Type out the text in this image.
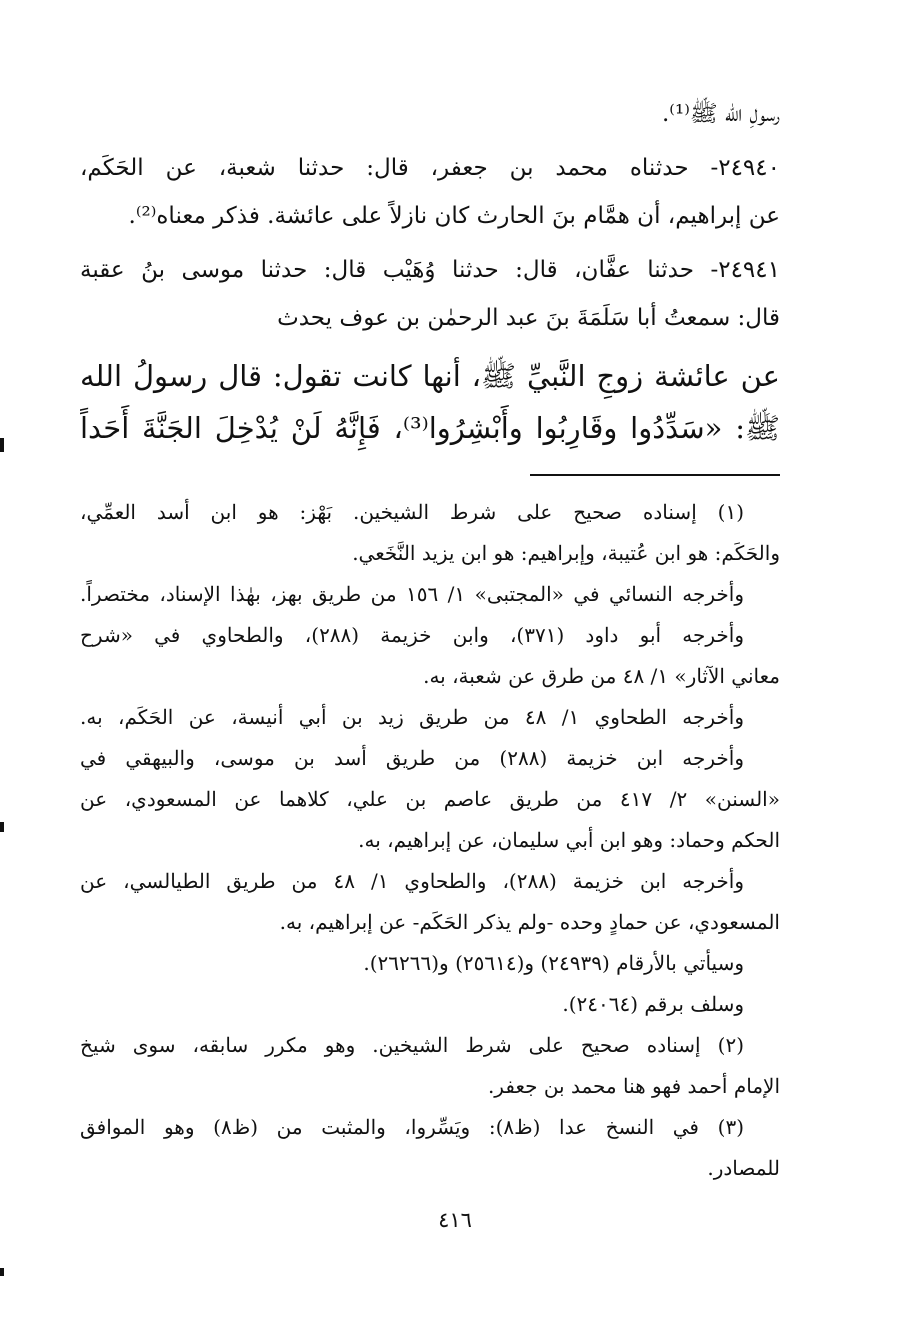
رسولِ الله ﷺ⁽¹⁾.
٢٤٩٤٠- حدثناه محمد بن جعفر، قال: حدثنا شعبة، عن الحَكَم،
عن إبراهيم، أن همَّام بنَ الحارث كان نازلاً على عائشة. فذكر معناه⁽²⁾.
٢٤٩٤١- حدثنا عفَّان، قال: حدثنا وُهَيْب قال: حدثنا موسى بنُ عقبة
قال: سمعتُ أبا سَلَمَةَ بنَ عبد الرحمٰن بن عوف يحدث
عن عائشة زوجِ النَّبيِّ ﷺ، أنها كانت تقول: قال رسولُ الله
ﷺ: «سَدِّدُوا وقَارِبُوا وأَبْشِرُوا⁽³⁾، فَإِنَّهُ لَنْ يُدْخِلَ الجَنَّةَ أَحَداً
(١) إسناده صحيح على شرط الشيخين. بَهْز: هو ابن أسد العمِّي،
والحَكَم: هو ابن عُتيبة، وإبراهيم: هو ابن يزيد النَّخَعي.
وأخرجه النسائي في «المجتبى» ١/ ١٥٦ من طريق بهز، بهٰذا الإسناد، مختصراً.
وأخرجه أبو داود (٣٧١)، وابن خزيمة (٢٨٨)، والطحاوي في «شرح
معاني الآثار» ١/ ٤٨ من طرق عن شعبة، به.
وأخرجه الطحاوي ١/ ٤٨ من طريق زيد بن أبي أنيسة، عن الحَكَم، به.
وأخرجه ابن خزيمة (٢٨٨) من طريق أسد بن موسى، والبيهقي في
«السنن» ٢/ ٤١٧ من طريق عاصم بن علي، كلاهما عن المسعودي، عن
الحكم وحماد: وهو ابن أبي سليمان، عن إبراهيم، به.
وأخرجه ابن خزيمة (٢٨٨)، والطحاوي ١/ ٤٨ من طريق الطيالسي، عن
المسعودي، عن حمادٍ وحده -ولم يذكر الحَكَم- عن إبراهيم، به.
وسيأتي بالأرقام (٢٤٩٣٩) و(٢٥٦١٤) و(٢٦٢٦٦).
وسلف برقم (٢٤٠٦٤).
(٢) إسناده صحيح على شرط الشيخين. وهو مكرر سابقه، سوى شيخ
الإمام أحمد فهو هنا محمد بن جعفر.
(٣) في النسخ عدا (ظ٨): ويَسِّروا، والمثبت من (ظ٨) وهو الموافق
للمصادر.
٤١٦
